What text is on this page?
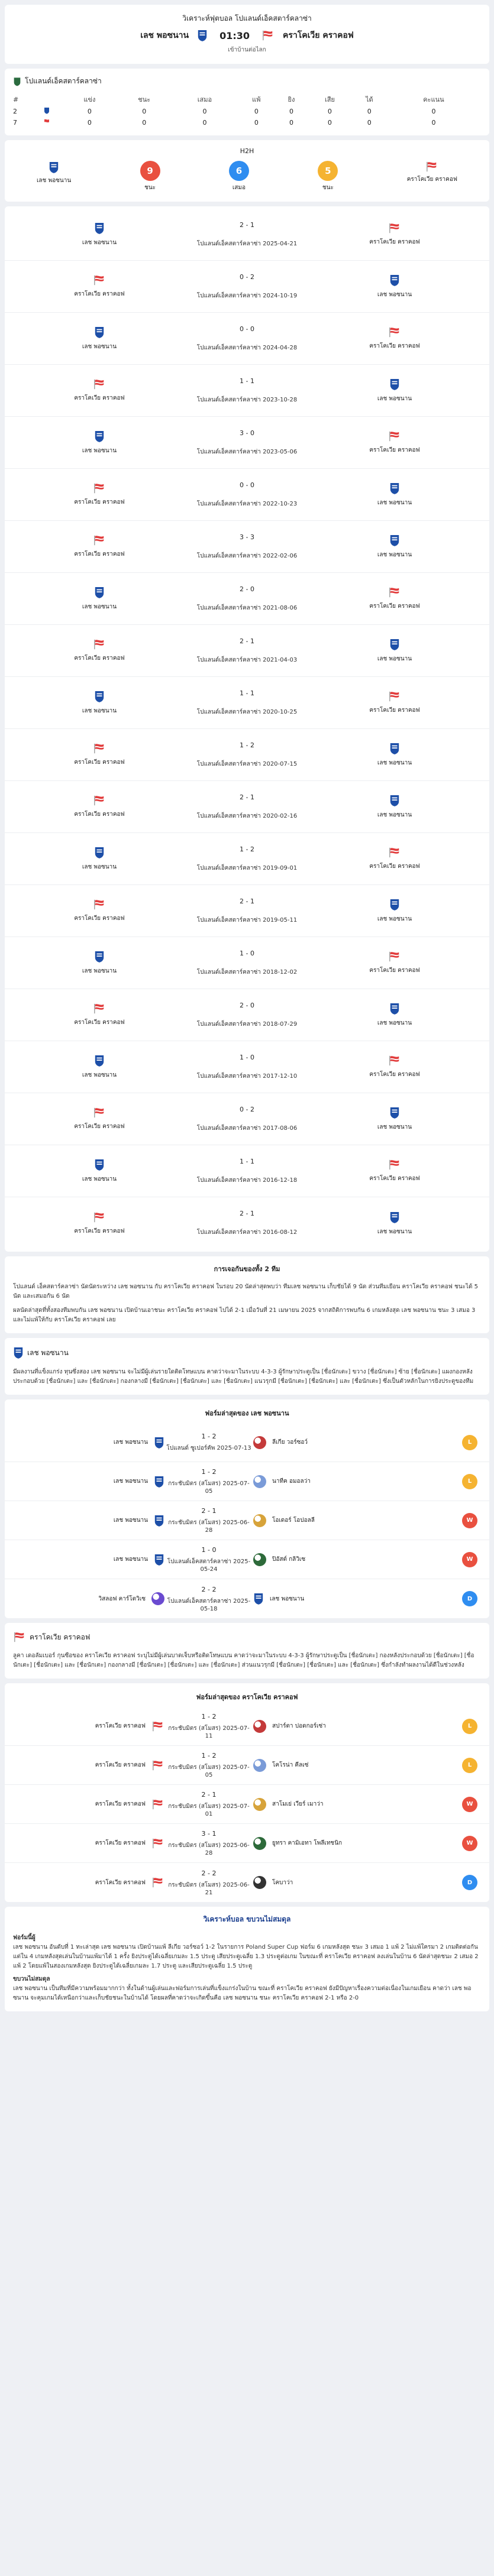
วิเคราะห์ฟุตบอล โปแลนด์เอ็คสตาร์คลาซ่า
เลช พอซนาน	01:30	คราโคเวีย คราคอฟ
เข้าบ้านต่อไลก
โปแลนด์เอ็คสตาร์คลาซ่า
#		แข่ง	ชนะ	เสมอ	แพ้	ยิง	เสีย	ได้	คะแนน
2		0	0	0	0	0	0	0	0
7		0	0	0	0	0	0	0	0
H2H
เลช พอซนาน
9
ชนะ
6
เสมอ
5
ชนะ
คราโคเวีย คราคอฟ
เลช พอซนาน
2 - 1
โปแลนด์เอ็คสตาร์คลาซ่า 2025-04-21	คราโคเวีย คราคอฟ
คราโคเวีย คราคอฟ
0 - 2
โปแลนด์เอ็คสตาร์คลาซ่า 2024-10-19	เลช พอซนาน
เลช พอซนาน
0 - 0
โปแลนด์เอ็คสตาร์คลาซ่า 2024-04-28	คราโคเวีย คราคอฟ
คราโคเวีย คราคอฟ
1 - 1
โปแลนด์เอ็คสตาร์คลาซ่า 2023-10-28	เลช พอซนาน
เลช พอซนาน
3 - 0
โปแลนด์เอ็คสตาร์คลาซ่า 2023-05-06	คราโคเวีย คราคอฟ
คราโคเวีย คราคอฟ
0 - 0
โปแลนด์เอ็คสตาร์คลาซ่า 2022-10-23	เลช พอซนาน
คราโคเวีย คราคอฟ
3 - 3
โปแลนด์เอ็คสตาร์คลาซ่า 2022-02-06	เลช พอซนาน
เลช พอซนาน
2 - 0
โปแลนด์เอ็คสตาร์คลาซ่า 2021-08-06	คราโคเวีย คราคอฟ
คราโคเวีย คราคอฟ
2 - 1
โปแลนด์เอ็คสตาร์คลาซ่า 2021-04-03	เลช พอซนาน
เลช พอซนาน
1 - 1
โปแลนด์เอ็คสตาร์คลาซ่า 2020-10-25	คราโคเวีย คราคอฟ
คราโคเวีย คราคอฟ
1 - 2
โปแลนด์เอ็คสตาร์คลาซ่า 2020-07-15	เลช พอซนาน
คราโคเวีย คราคอฟ
2 - 1
โปแลนด์เอ็คสตาร์คลาซ่า 2020-02-16	เลช พอซนาน
เลช พอซนาน
1 - 2
โปแลนด์เอ็คสตาร์คลาซ่า 2019-09-01	คราโคเวีย คราคอฟ
คราโคเวีย คราคอฟ
2 - 1
โปแลนด์เอ็คสตาร์คลาซ่า 2019-05-11	เลช พอซนาน
เลช พอซนาน
1 - 0
โปแลนด์เอ็คสตาร์คลาซ่า 2018-12-02	คราโคเวีย คราคอฟ
คราโคเวีย คราคอฟ
2 - 0
โปแลนด์เอ็คสตาร์คลาซ่า 2018-07-29	เลช พอซนาน
เลช พอซนาน
1 - 0
โปแลนด์เอ็คสตาร์คลาซ่า 2017-12-10	คราโคเวีย คราคอฟ
คราโคเวีย คราคอฟ
0 - 2
โปแลนด์เอ็คสตาร์คลาซ่า 2017-08-06	เลช พอซนาน
เลช พอซนาน
1 - 1
โปแลนด์เอ็คสตาร์คลาซ่า 2016-12-18	คราโคเวีย คราคอฟ
คราโคเวีย คราคอฟ
2 - 1
โปแลนด์เอ็คสตาร์คลาซ่า 2016-08-12	เลช พอซนาน
การเจอกันของทั้ง 2 ทีม

โปแลนด์ เอ็คสตาร์คลาซ่า นัดนัดระหว่าง เลช พอซนาน กับ คราโคเวีย คราคอฟ ในรอบ 20 นัดล่าสุดพบว่า ทีมเลช พอซนาน เก็บชัยได้ 9 นัด ส่วนทีมเยือน คราโคเวีย คราคอฟ ชนะได้ 5 นัด และเสมอกัน 6 นัด

ผลนัดล่าสุดที่ทั้งสองทีมพบกัน เลช พอซนาน เปิดบ้านเอาชนะ คราโคเวีย คราคอฟ ไปได้ 2-1 เมื่อวันที่ 21 เมษายน 2025 จากสถิติการพบกัน 6 เกมหลังสุด เลช พอซนาน ชนะ 3 เสมอ 3 และไม่แพ้ให้กับ คราโคเวีย คราคอฟ เลย

เลช พอซนาน
มีผลงานที่แข็งแกร่ง ทุนซึ่งสอง เลช พอซนาน จะไม่มีผู้เล่นรายใดติดโทษแบน คาดว่าจะมาในระบบ 4-3-3 ผู้รักษาประตูเป็น [ชื่อนักเตะ] ขวาง [ชื่อนักเตะ] ซ้าย [ชื่อนักเตะ] แผงกองหลังประกอบด้วย [ชื่อนักเตะ] และ [ชื่อนักเตะ] กองกลางมี [ชื่อนักเตะ] [ชื่อนักเตะ] และ [ชื่อนักเตะ] แนวรุกมี [ชื่อนักเตะ] [ชื่อนักเตะ] และ [ชื่อนักเตะ] ซึ่งเป็นตัวหลักในการยิงประตูของทีม
ฟอร์มล่าสุดของ เลช พอซนาน
เลช พอซนาน
1 - 2
โปแลนด์ ซูเปอร์คัพ 2025-07-13
ลีเกีย วอร์ซอว์	L
เลช พอซนาน
1 - 2
กระชับมิตร (สโมสร) 2025-07-05
นาทีค อมอลว่า	L
เลช พอซนาน
2 - 1
กระชับมิตร (สโมสร) 2025-06-28
โอเดอร์ โอปอลลี	W
เลช พอซนาน
1 - 0
โปแลนด์เอ็คสตาร์คลาซ่า 2025-05-24
ปิอัสต์ กลิวิเซ	W
วิสลอฟ คาร์โตวิเซ
2 - 2
โปแลนด์เอ็คสตาร์คลาซ่า 2025-05-18
เลช พอซนาน	D
คราโคเวีย คราคอฟ
ลูคา เดอลัมเบอร์ กุนซือของ คราโคเวีย คราคอฟ ระบุไม่มีผู้เล่นบาดเจ็บหรือติดโทษแบน คาดว่าจะมาในระบบ 4-3-3 ผู้รักษาประตูเป็น [ชื่อนักเตะ] กองหลังประกอบด้วย [ชื่อนักเตะ] [ชื่อนักเตะ] [ชื่อนักเตะ] และ [ชื่อนักเตะ] กองกลางมี [ชื่อนักเตะ] [ชื่อนักเตะ] และ [ชื่อนักเตะ] ส่วนแนวรุกมี [ชื่อนักเตะ] [ชื่อนักเตะ] และ [ชื่อนักเตะ] ซึ่งกำลังทำผลงานได้ดีในช่วงหลัง
ฟอร์มล่าสุดของ คราโคเวีย คราคอฟ
คราโคเวีย คราคอฟ
1 - 2
กระชับมิตร (สโมสร) 2025-07-11
สปาร์ตา ปอดกอร์เซ่า	L
คราโคเวีย คราคอฟ
1 - 2
กระชับมิตร (สโมสร) 2025-07-05
โคโรน่า คีลเซ่	L
คราโคเวีย คราคอฟ
2 - 1
กระชับมิตร (สโมสร) 2025-07-01
สาโมเย่ เวียร์ เมาว่า	W
คราโคเวีย คราคอฟ
3 - 1
กระชับมิตร (สโมสร) 2025-06-28
ยูทรา คามิเอทา โพลีเทชนิก	W
คราโคเวีย คราคอฟ
2 - 2
กระชับมิตร (สโมสร) 2025-06-21
โคบาว่า	D
วิเคราะห์บอล ขบวนไม่สมดุล

ฟอร์มนี้ผู้

เลช พอซนาน อันดับที่ 1 ทะเล่าสุด เลช พอซนาน เปิดบ้านแพ้ ลีเกีย วอร์ซอว์ 1-2 ในรายการ Poland Super Cup ฟอร์ม 6 เกมหลังสุด ชนะ 3 เสมอ 1 แพ้ 2 ไม่แพ้ใครมา 2 เกมติดต่อกัน แต่ใน 4 เกมหลังสุดเล่นในบ้านแพ้มาได้ 1 ครั้ง ยิงประตูได้เฉลี่ยเกมละ 1.5 ประตู เสียประตูเฉลี่ย 1.3 ประตูต่อเกม ในขณะที่ คราโคเวีย คราคอฟ ลงเล่นในบ้าน 6 นัดล่าสุดชนะ 2 เสมอ 2 แพ้ 2 โดยแพ้ในสองเกมหลังสุด ยิงประตูได้เฉลี่ยเกมละ 1.7 ประตู และเสียประตูเฉลี่ย 1.5 ประตู

ขบวนไม่สมดุล

เลช พอซนาน เป็นทีมที่มีความพร้อมมากกว่า ทั้งในด้านผู้เล่นและฟอร์มการเล่นที่แข็งแกร่งในบ้าน ขณะที่ คราโคเวีย คราคอฟ ยังมีปัญหาเรื่องความต่อเนื่องในเกมเยือน คาดว่า เลช พอซนาน จะคุมเกมได้เหนือกว่าและเก็บชัยชนะในบ้านได้ โดยผลที่คาดว่าจะเกิดขึ้นคือ เลช พอซนาน ชนะ คราโคเวีย คราคอฟ 2-1 หรือ 2-0
